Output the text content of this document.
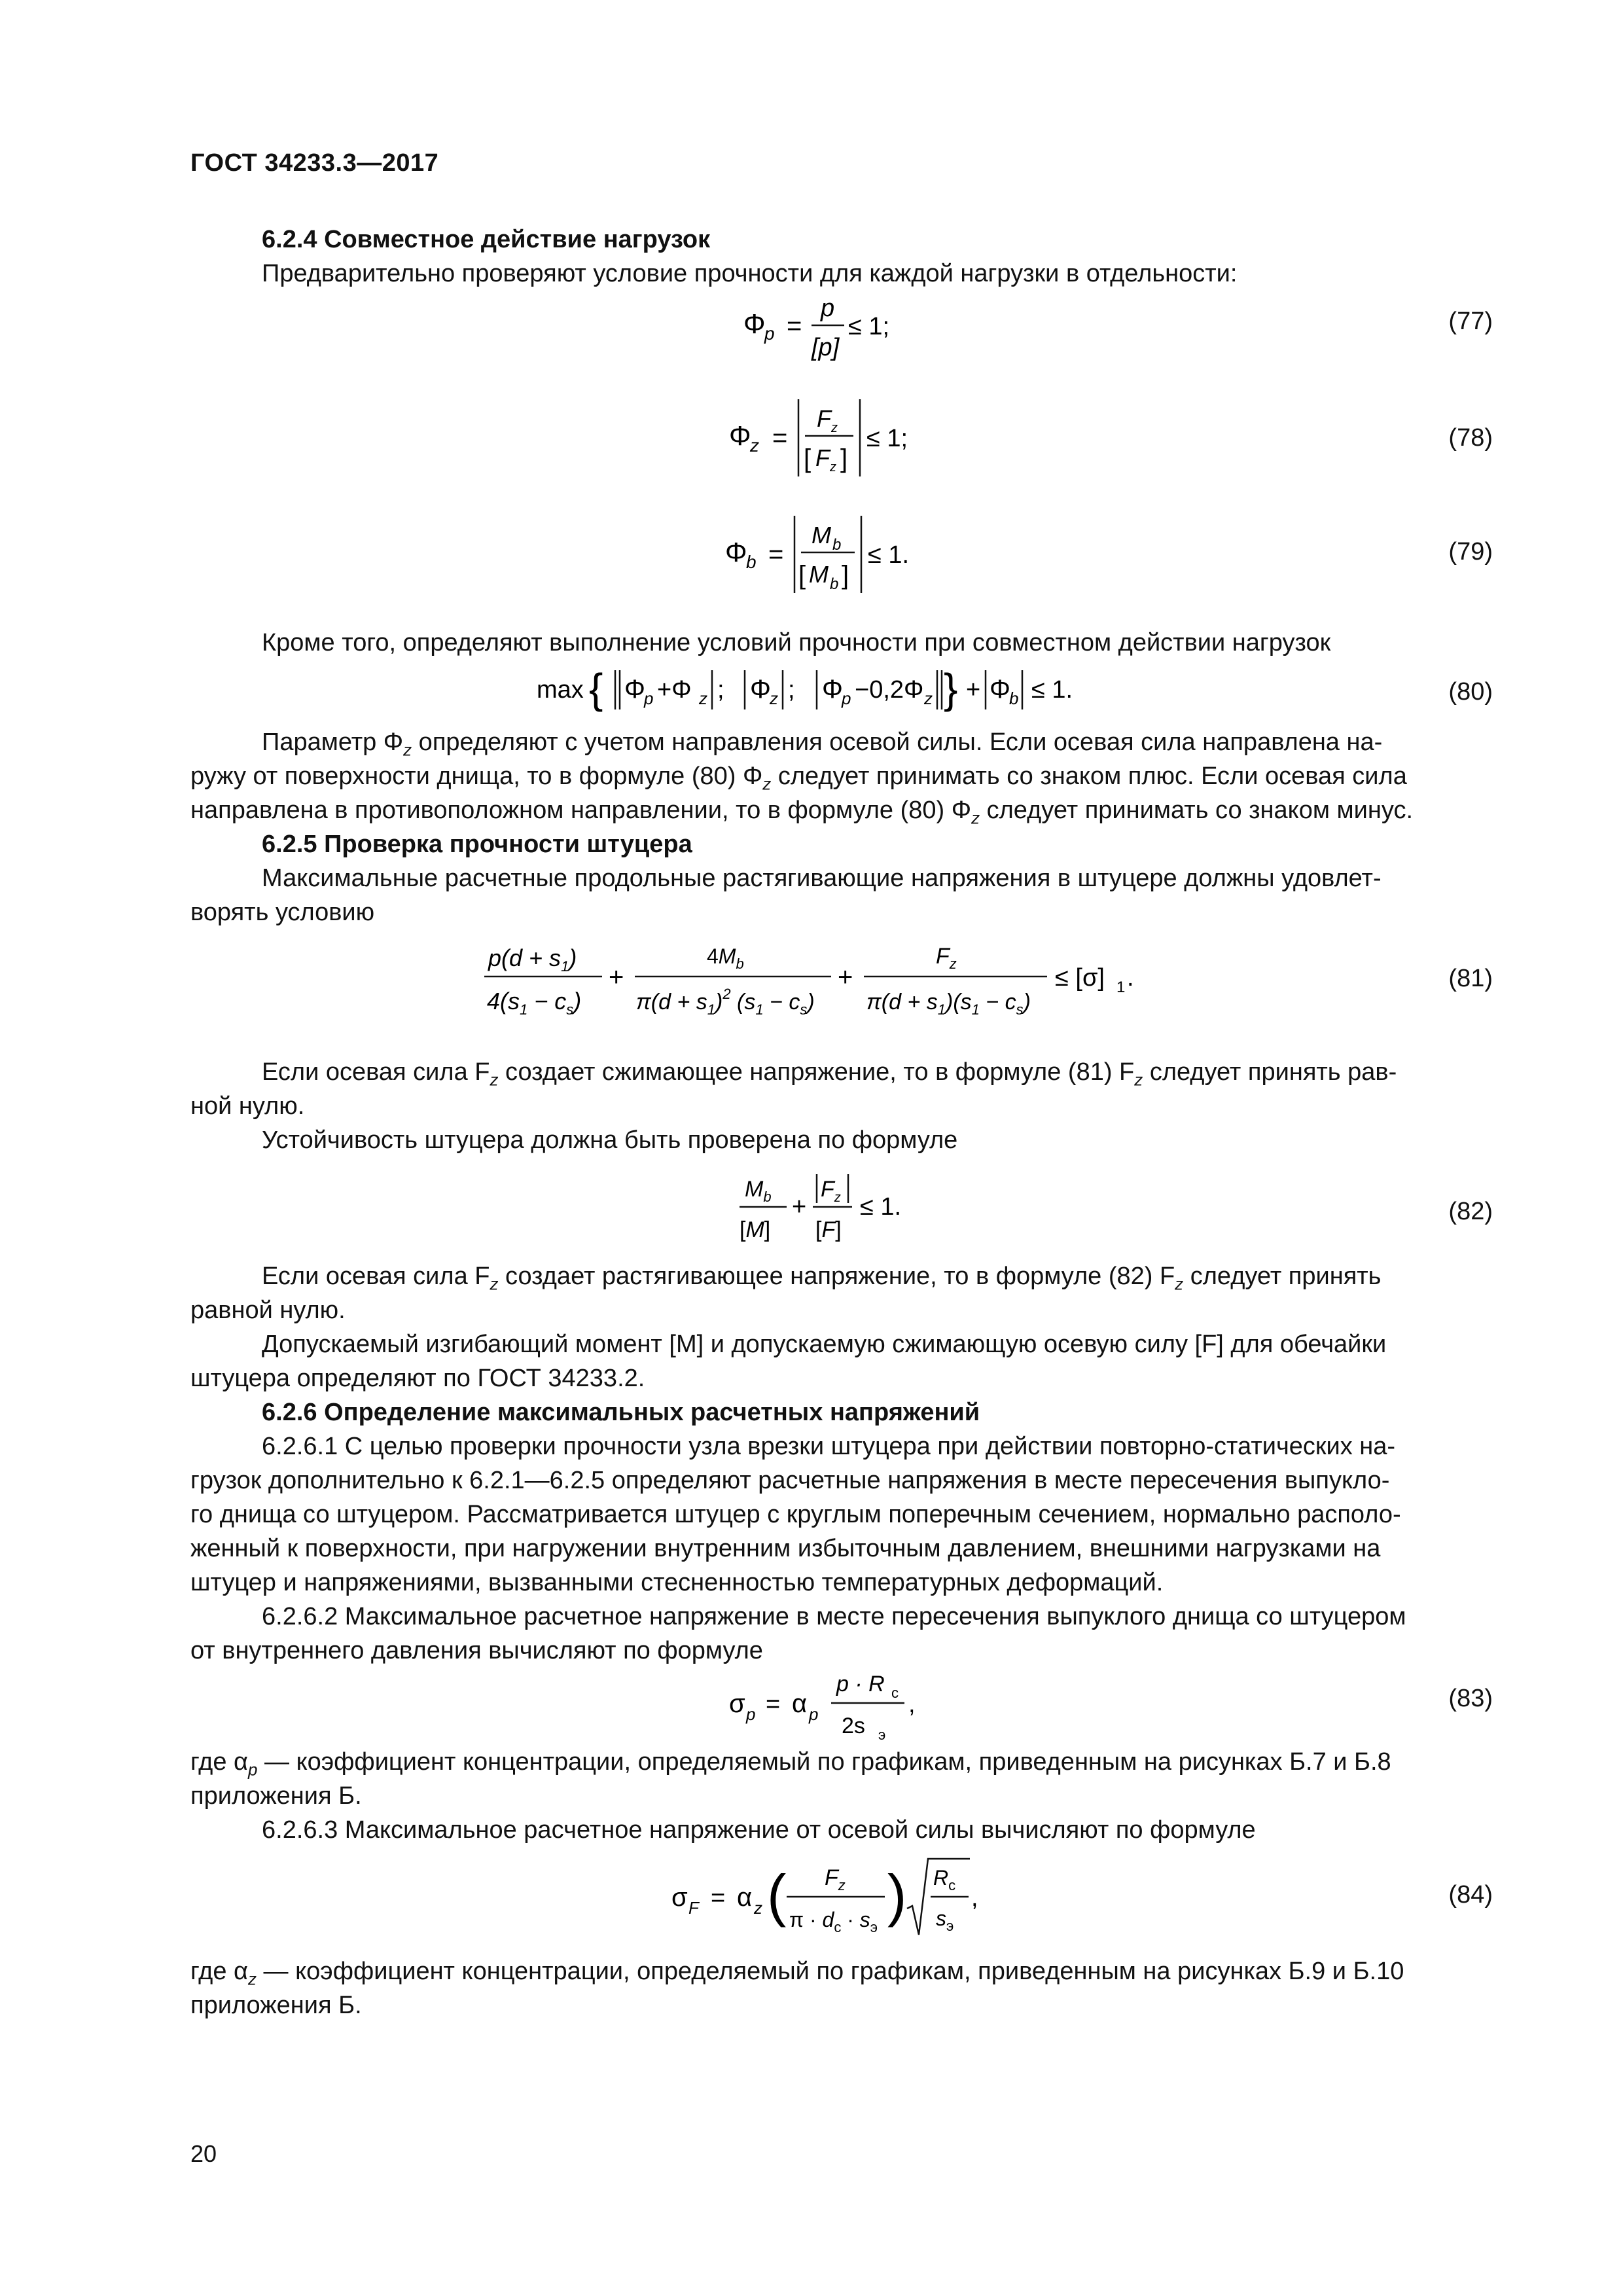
ГОСТ 34233.3—2017
6.2.4 Совместное действие нагрузок
Предварительно проверяют условие прочности для каждой нагрузки в отдельности:
Φ
p =
p
[p]
≤ 1;	(77)
Φ
z =
F z
[ F z ]
≤ 1;	(78)
Φ
b =
M b
[ M b ]
≤ 1.	(79)
Кроме того, определяют выполнение условий прочности при совместном действии нагрузок
max { Φ
p +Φ z ; Φ
z ; Φ
p −0,2Φ z } + Φ
b ≤ 1.	(80)
Параметр $\Phi_z$ определяют с учетом направления осевой силы. Если осевая сила направлена на-
ружу от поверхности днища, то в формуле (80) $\Phi_z$ следует принимать со знаком плюс. Если осевая сила
направлена в противоположном направлении, то в формуле (80) $\Phi_z$ следует принимать со знаком минус.
6.2.5 Проверка прочности штуцера
Максимальные расчетные продольные растягивающие напряжения в штуцере должны удовлет-
ворять условию
$p(d + s_1)$
$4(s_1 - c_s)$
+
$4M_b$
$\pi(d + s_1)^2$ $(s_1 - c_s)$
+
$F_z$
$\pi(d + s_1)(s_1 - c_s)$
≤ [σ] 1 .	(81)
Если осевая сила $F_z$ создает сжимающее напряжение, то в формуле (81) $F_z$ следует принять рав-
ной нулю.
Устойчивость штуцера должна быть проверена по формуле
$M_b$
[M]
+
$F_z$
[F]
≤ 1.	(82)
Если осевая сила $F_z$ создает растягивающее напряжение, то в формуле (82) $F_z$ следует принять
равной нулю.
Допускаемый изгибающий момент [M] и допускаемую сжимающую осевую силу [F] для обечайки
штуцера определяют по ГОСТ 34233.2.
6.2.6 Определение максимальных расчетных напряжений
6.2.6.1 С целью проверки прочности узла врезки штуцера при действии повторно-статических на-
грузок дополнительно к 6.2.1—6.2.5 определяют расчетные напряжения в месте пересечения выпукло-
го днища со штуцером. Рассматривается штуцер с круглым поперечным сечением, нормально располо-
женный к поверхности, при нагружении внутренним избыточным давлением, внешними нагрузками на
штуцер и напряжениями, вызванными стесненностью температурных деформаций.
6.2.6.2 Максимальное расчетное напряжение в месте пересечения выпуклого днища со штуцером
от внутреннего давления вычисляют по формуле
σ p = α p
p · R c
2s э
,	(83)
где $\alpha_p$ — коэффициент концентрации, определяемый по графикам, приведенным на рисунках Б.7 и Б.8
приложения Б.
6.2.6.3 Максимальное расчетное напряжение от осевой силы вычисляют по формуле
σ F = α z ( $F_z$
$\pi \cdot d_c \cdot s_э$ ) $R_c$
$s_э$
,	(84)
где $\alpha_z$ — коэффициент концентрации, определяемый по графикам, приведенным на рисунках Б.9 и Б.10
приложения Б.
20
